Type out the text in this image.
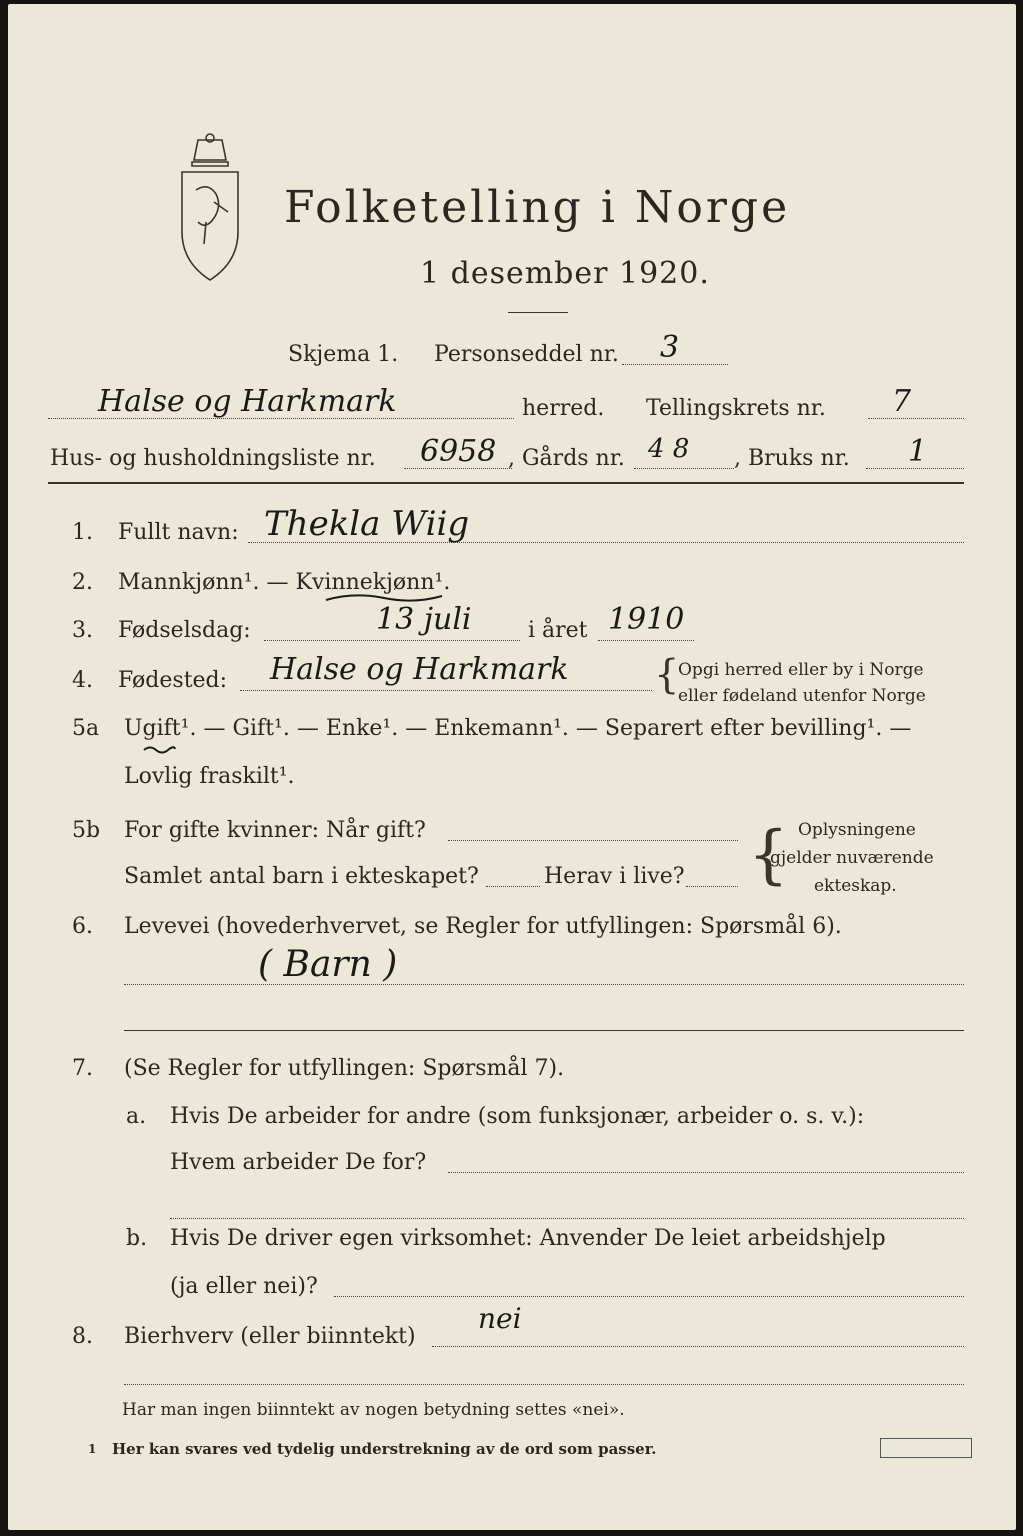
Folketelling i Norge
1 desember 1920.
Skjema 1. Personseddel nr. 3
Halse og Harkmark	herred. Tellingskrets nr. 7
Hus- og husholdningsliste nr. 6958 , Gårds nr. 4 8 , Bruks nr. 1
1. Fullt navn: Thekla Wiig
2. Mannkjønn¹. — Kvinnekjønn¹.
3. Fødselsdag:	13 juli	i året 1910
4. Fødested: Halse og Harkmark {
Opgi herred eller by i Norge
eller fødeland utenfor Norge
5a Ugift¹. — Gift¹. — Enke¹. — Enkemann¹. — Separert efter bevilling¹. —
Lovlig fraskilt¹.
5b For gifte kvinner: Når gift?
Samlet antal barn i ekteskapet?	Herav i live? { Oplysningene
gjelder nuværende
ekteskap.
6. Levevei (hovederhvervet, se Regler for utfyllingen: Spørsmål 6).
( Barn )
7. (Se Regler for utfyllingen: Spørsmål 7).
a. Hvis De arbeider for andre (som funksjonær, arbeider o. s. v.):
Hvem arbeider De for?
b. Hvis De driver egen virksomhet: Anvender De leiet arbeidshjelp
(ja eller nei)?
8. Bierhverv (eller biinntekt)
nei
Har man ingen biinntekt av nogen betydning settes «nei».
1 Her kan svares ved tydelig understrekning av de ord som passer.
